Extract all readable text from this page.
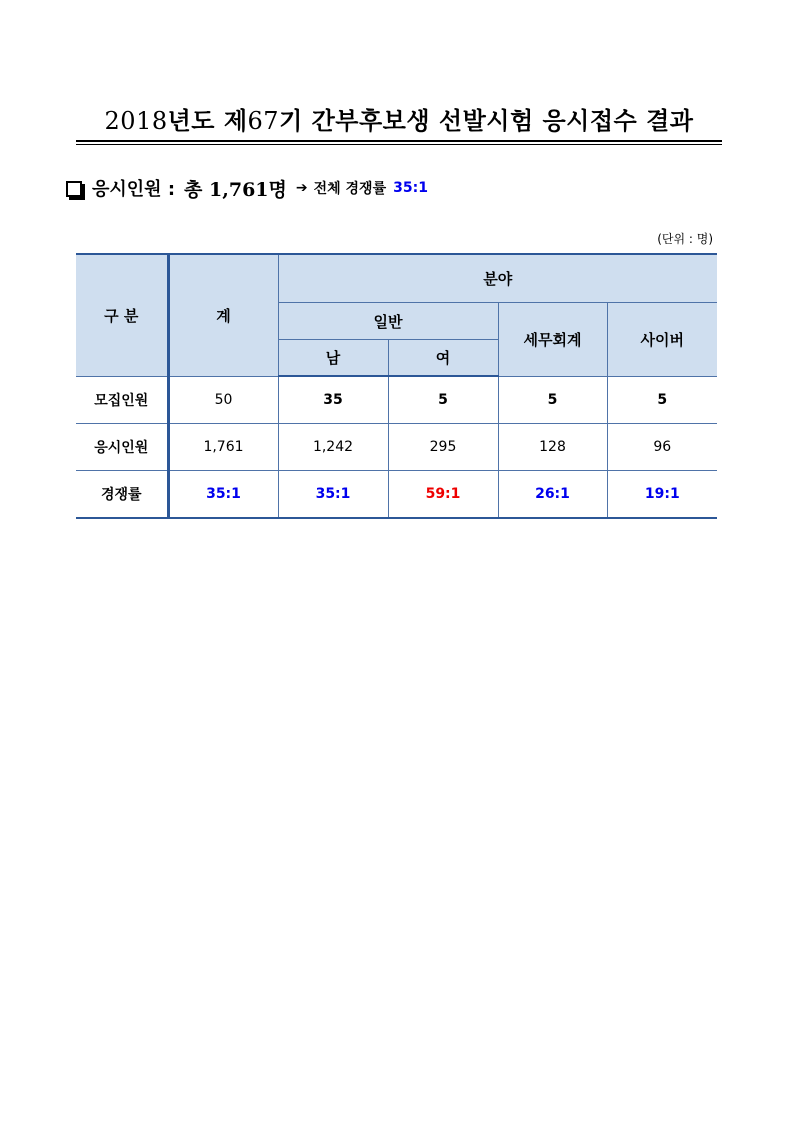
2018년도 제67기 간부후보생 선발시험 응시접수 결과
응시인원 : 총 1,761명 ➔ 전체 경쟁률 35:1
(단위 : 명)
구 분	계	분야			
		일반		세무회계	사이버
		남	여		
모집인원	50	35	5	5	5
응시인원	1,761	1,242	295	128	96
경쟁률	35:1	35:1	59:1	26:1	19:1
